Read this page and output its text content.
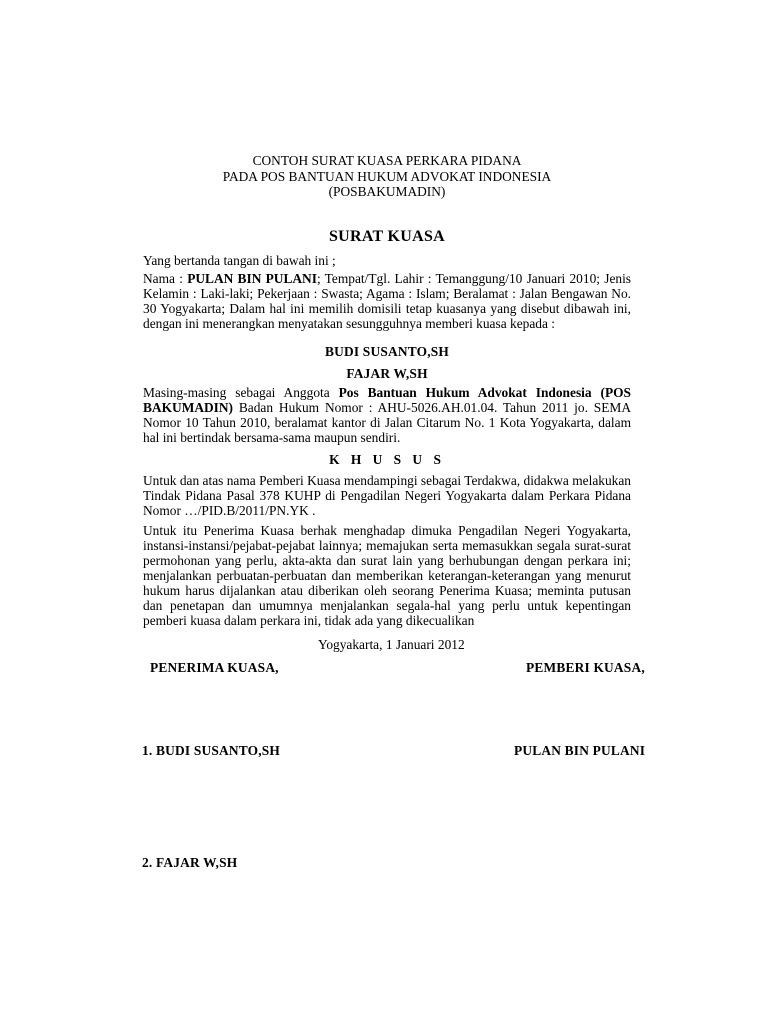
CONTOH SURAT KUASA PERKARA PIDANA
PADA POS BANTUAN HUKUM ADVOKAT INDONESIA
(POSBAKUMADIN)
SURAT KUASA
Yang bertanda tangan di bawah ini ;
Nama : PULAN BIN PULANI; Tempat/Tgl. Lahir : Temanggung/10 Januari 2010; Jenis Kelamin : Laki-laki; Pekerjaan : Swasta; Agama : Islam; Beralamat : Jalan Bengawan No. 30 Yogyakarta; Dalam hal ini memilih domisili tetap kuasanya yang disebut dibawah ini, dengan ini menerangkan menyatakan sesungguhnya memberi kuasa kepada :
BUDI SUSANTO,SH
FAJAR W,SH
Masing-masing sebagai Anggota Pos Bantuan Hukum Advokat Indonesia (POS BAKUMADIN) Badan Hukum Nomor : AHU-5026.AH.01.04. Tahun 2011 jo. SEMA Nomor 10 Tahun 2010, beralamat kantor di Jalan Citarum No. 1 Kota Yogyakarta, dalam hal ini bertindak bersama-sama maupun sendiri.
K H U S U S
Untuk dan atas nama Pemberi Kuasa mendampingi sebagai Terdakwa, didakwa melakukan Tindak Pidana Pasal 378 KUHP di Pengadilan Negeri Yogyakarta dalam Perkara Pidana Nomor …/PID.B/2011/PN.YK .
Untuk itu Penerima Kuasa berhak menghadap dimuka Pengadilan Negeri Yogyakarta, instansi-instansi/pejabat-pejabat lainnya; memajukan serta memasukkan segala surat-surat permohonan yang perlu, akta-akta dan surat lain yang berhubungan dengan perkara ini; menjalankan perbuatan-perbuatan dan memberikan keterangan-keterangan yang menurut hukum harus dijalankan atau diberikan oleh seorang Penerima Kuasa; meminta putusan dan penetapan dan umumnya menjalankan segala-hal yang perlu untuk kepentingan pemberi kuasa dalam perkara ini, tidak ada yang dikecualikan
Yogyakarta, 1 Januari 2012
PENERIMA KUASA,	PEMBERI KUASA,
1. BUDI SUSANTO,SH	PULAN BIN PULANI
2. FAJAR W,SH
